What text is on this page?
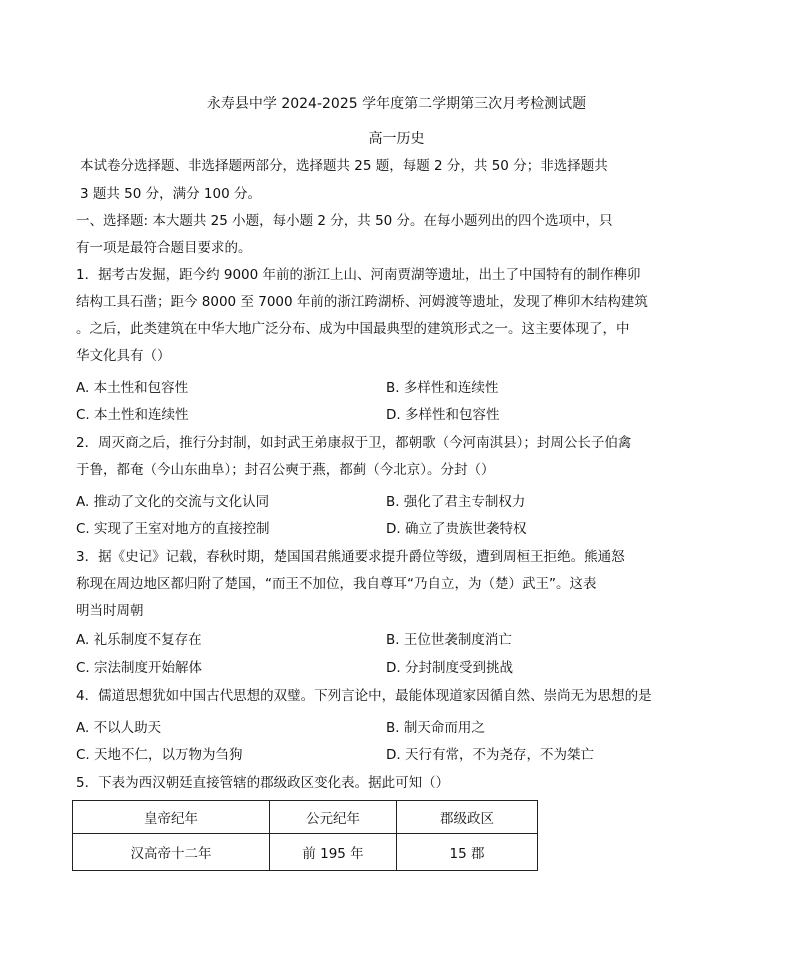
永寿县中学 2024-2025 学年度第二学期第三次月考检测试题
高一历史
本试卷分选择题、非选择题两部分，选择题共 25 题，每题 2 分，共 50 分；非选择题共
3 题共 50 分，满分 100 分。
一、选择题: 本大题共 25 小题，每小题 2 分，共 50 分。在每小题列出的四个选项中，只
有一项是最符合题目要求的。
1．据考古发掘，距今约 9000 年前的浙江上山、河南贾湖等遗址，出土了中国特有的制作榫卯
结构工具石凿；距今 8000 至 7000 年前的浙江跨湖桥、河姆渡等遗址，发现了榫卯木结构建筑
。之后，此类建筑在中华大地广泛分布、成为中国最典型的建筑形式之一。这主要体现了，中
华文化具有（）
A. 本土性和包容性	B. 多样性和连续性
C. 本土性和连续性	D. 多样性和包容性
2．周灭商之后，推行分封制，如封武王弟康叔于卫，都朝歌（今河南淇县）；封周公长子伯禽
于鲁，都奄（今山东曲阜）；封召公奭于燕，都蓟（今北京）。分封（）
A. 推动了文化的交流与文化认同	B. 强化了君主专制权力
C. 实现了王室对地方的直接控制	D. 确立了贵族世袭特权
3．据《史记》记载，春秋时期，楚国国君熊通要求提升爵位等级，遭到周桓王拒绝。熊通怒
称现在周边地区都归附了楚国，“而王不加位，我自尊耳“乃自立，为（楚）武王”。这表
明当时周朝
A. 礼乐制度不复存在	B. 王位世袭制度消亡
C. 宗法制度开始解体	D. 分封制度受到挑战
4．儒道思想犹如中国古代思想的双璧。下列言论中，最能体现道家因循自然、崇尚无为思想的是
A. 不以人助天	B. 制天命而用之
C. 天地不仁，以万物为刍狗	D. 天行有常，不为尧存，不为桀亡
5．下表为西汉朝廷直接管辖的郡级政区变化表。据此可知（）
皇帝纪年	公元纪年	郡级政区
汉高帝十二年	前 195 年	15 郡
